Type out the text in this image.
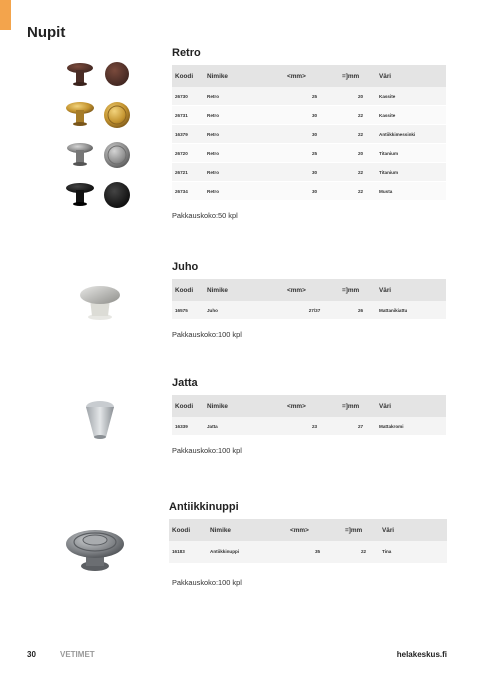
Nupit
Retro
Koodi	Nimike	<mm>	=]mm	Väri
26730	Retro	25	20	Kassite
26731	Retro	30	22	Kassite
16379	Retro	30	22	Antiikkimessinki
26720	Retro	25	20	Titanium
26721	Retro	30	22	Titanium
26734	Retro	30	22	Musta
Pakkauskoko:50 kpl
Juho
Koodi	Nimike	<mm>	=]mm	Väri
16575	Juho	27/37	26	Mattanikiattu
Pakkauskoko:100 kpl
Jatta
Koodi	Nimike	<mm>	=]mm	Väri
16339	Jatta	23	27	Mattakromi
Pakkauskoko:100 kpl
Antiikkinuppi
Koodi	Nimike	<mm>	=]mm	Väri
16183	Antiikkinuppi	35	22	Tina
Pakkauskoko:100 kpl
30	VETIMET	helakeskus.fi
